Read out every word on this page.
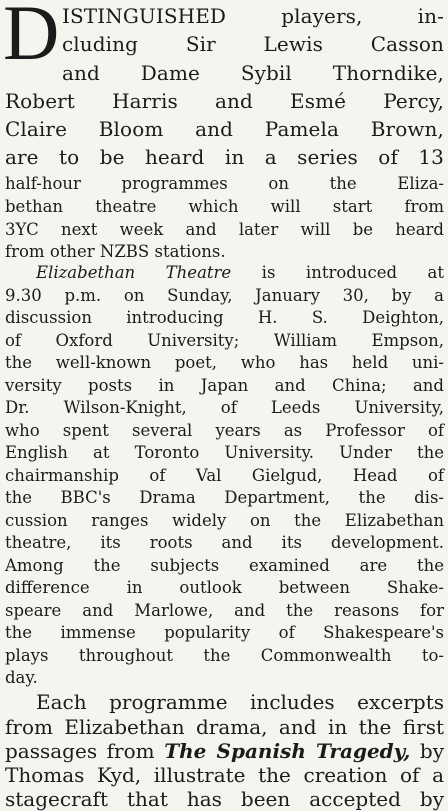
D ISTINGUISHED players, in-
cluding Sir Lewis Casson
and Dame Sybil Thorndike,
Robert Harris and Esmé Percy,
Claire Bloom and Pamela Brown,
are to be heard in a series of 13
half-hour programmes on the Eliza-
bethan theatre which will start from
3YC next week and later will be heard
from other NZBS stations.
Elizabethan Theatre is introduced at
9.30 p.m. on Sunday, January 30, by a
discussion introducing H. S. Deighton,
of Oxford University; William Empson,
the well-known poet, who has held uni-
versity posts in Japan and China; and
Dr. Wilson-Knight, of Leeds University,
who spent several years as Professor of
English at Toronto University. Under the
chairmanship of Val Gielgud, Head of
the BBC's Drama Department, the dis-
cussion ranges widely on the Elizabethan
theatre, its roots and its development.
Among the subjects examined are the
difference in outlook between Shake-
speare and Marlowe, and the reasons for
the immense popularity of Shakespeare's
plays throughout the Commonwealth to-
day.
Each programme includes excerpts
from Elizabethan drama, and in the first
passages from The Spanish Tragedy, by
Thomas Kyd, illustrate the creation of a
stagecraft that has been accepted by
